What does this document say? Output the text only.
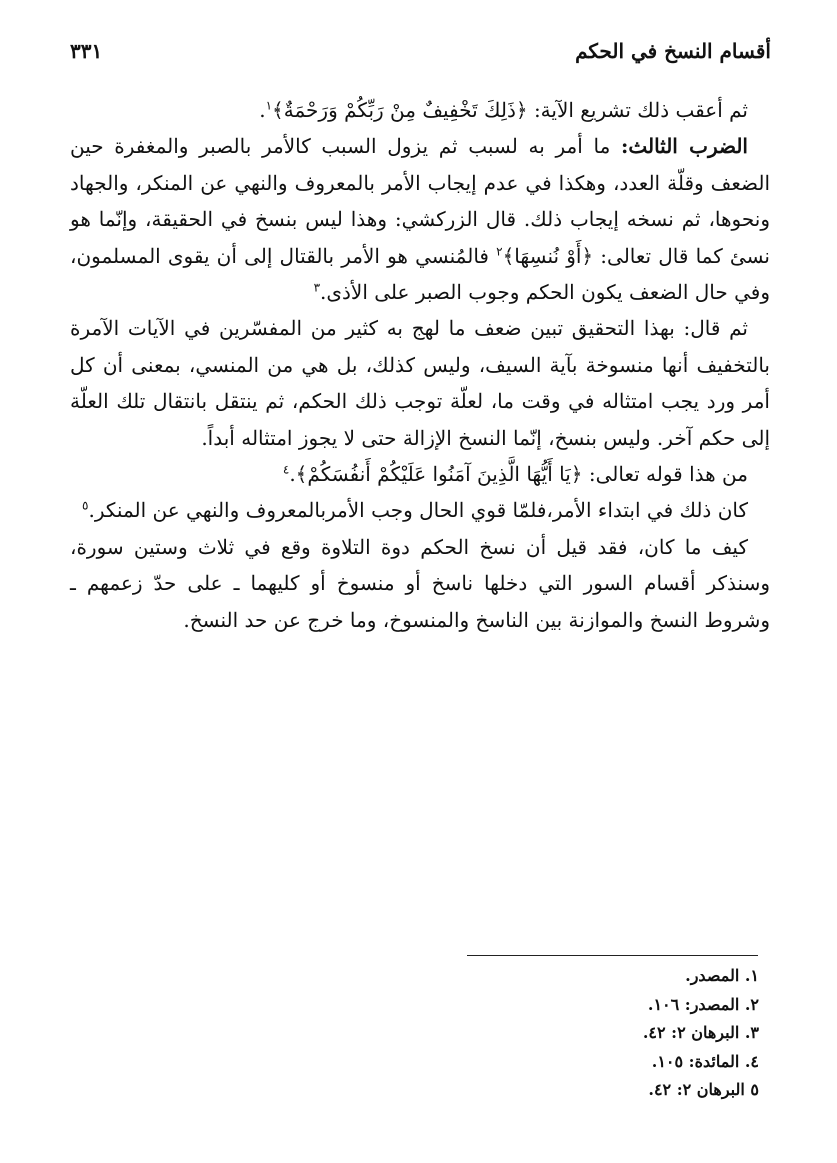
أقسام النسخ في الحكم
٣٣١

ثم أعقب ذلك تشريع الآية: ﴿ذَلِكَ تَخْفِيفٌ مِنْ رَبِّكُمْ وَرَحْمَةٌ﴾$^١$.

الضرب الثالث: ما أمر به لسبب ثم يزول السبب كالأمر بالصبر والمغفرة حين الضعف وقلّة العدد، وهكذا في عدم إيجاب الأمر بالمعروف والنهي عن المنكر، والجهاد ونحوها، ثم نسخه إيجاب ذلك. قال الزركشي: وهذا ليس بنسخ في الحقيقة، وإنّما هو نسئ كما قال تعالى: ﴿أَوْ نُنسِهَا﴾$^٢$ فالمُنسي هو الأمر بالقتال إلى أن يقوى المسلمون، وفي حال الضعف يكون الحكم وجوب الصبر على الأذى.$^٣$

ثم قال: بهذا التحقيق تبين ضعف ما لهج به كثير من المفسّرين في الآيات الآمرة بالتخفيف أنها منسوخة بآية السيف، وليس كذلك، بل هي من المنسي، بمعنى أن كل أمر ورد يجب امتثاله في وقت ما، لعلّة توجب ذلك الحكم، ثم ينتقل بانتقال تلك العلّة إلى حكم آخر. وليس بنسخ، إنّما النسخ الإزالة حتى لا يجوز امتثاله أبداً.

من هذا قوله تعالى: ﴿يَا أَيُّهَا الَّذِينَ آمَنُوا عَلَيْكُمْ أَنفُسَكُمْ﴾.$^٤$

كان ذلك في ابتداء الأمر،فلمّا قوي الحال وجب الأمربالمعروف والنهي عن المنكر.$^٥$

كيف ما كان، فقد قيل أن نسخ الحكم دوة التلاوة وقع في ثلاث وستين سورة، وسنذكر أقسام السور التي دخلها ناسخ أو منسوخ أو كليهما ـ على حدّ زعمهم ـ وشروط النسخ والموازنة بين الناسخ والمنسوخ، وما خرج عن حد النسخ.

١. المصدر.
٢. المصدر: ١٠٦.
٣. البرهان ٢: ٤٢.
٤. المائدة: ١٠٥.
٥ البرهان ٢: ٤٢.
